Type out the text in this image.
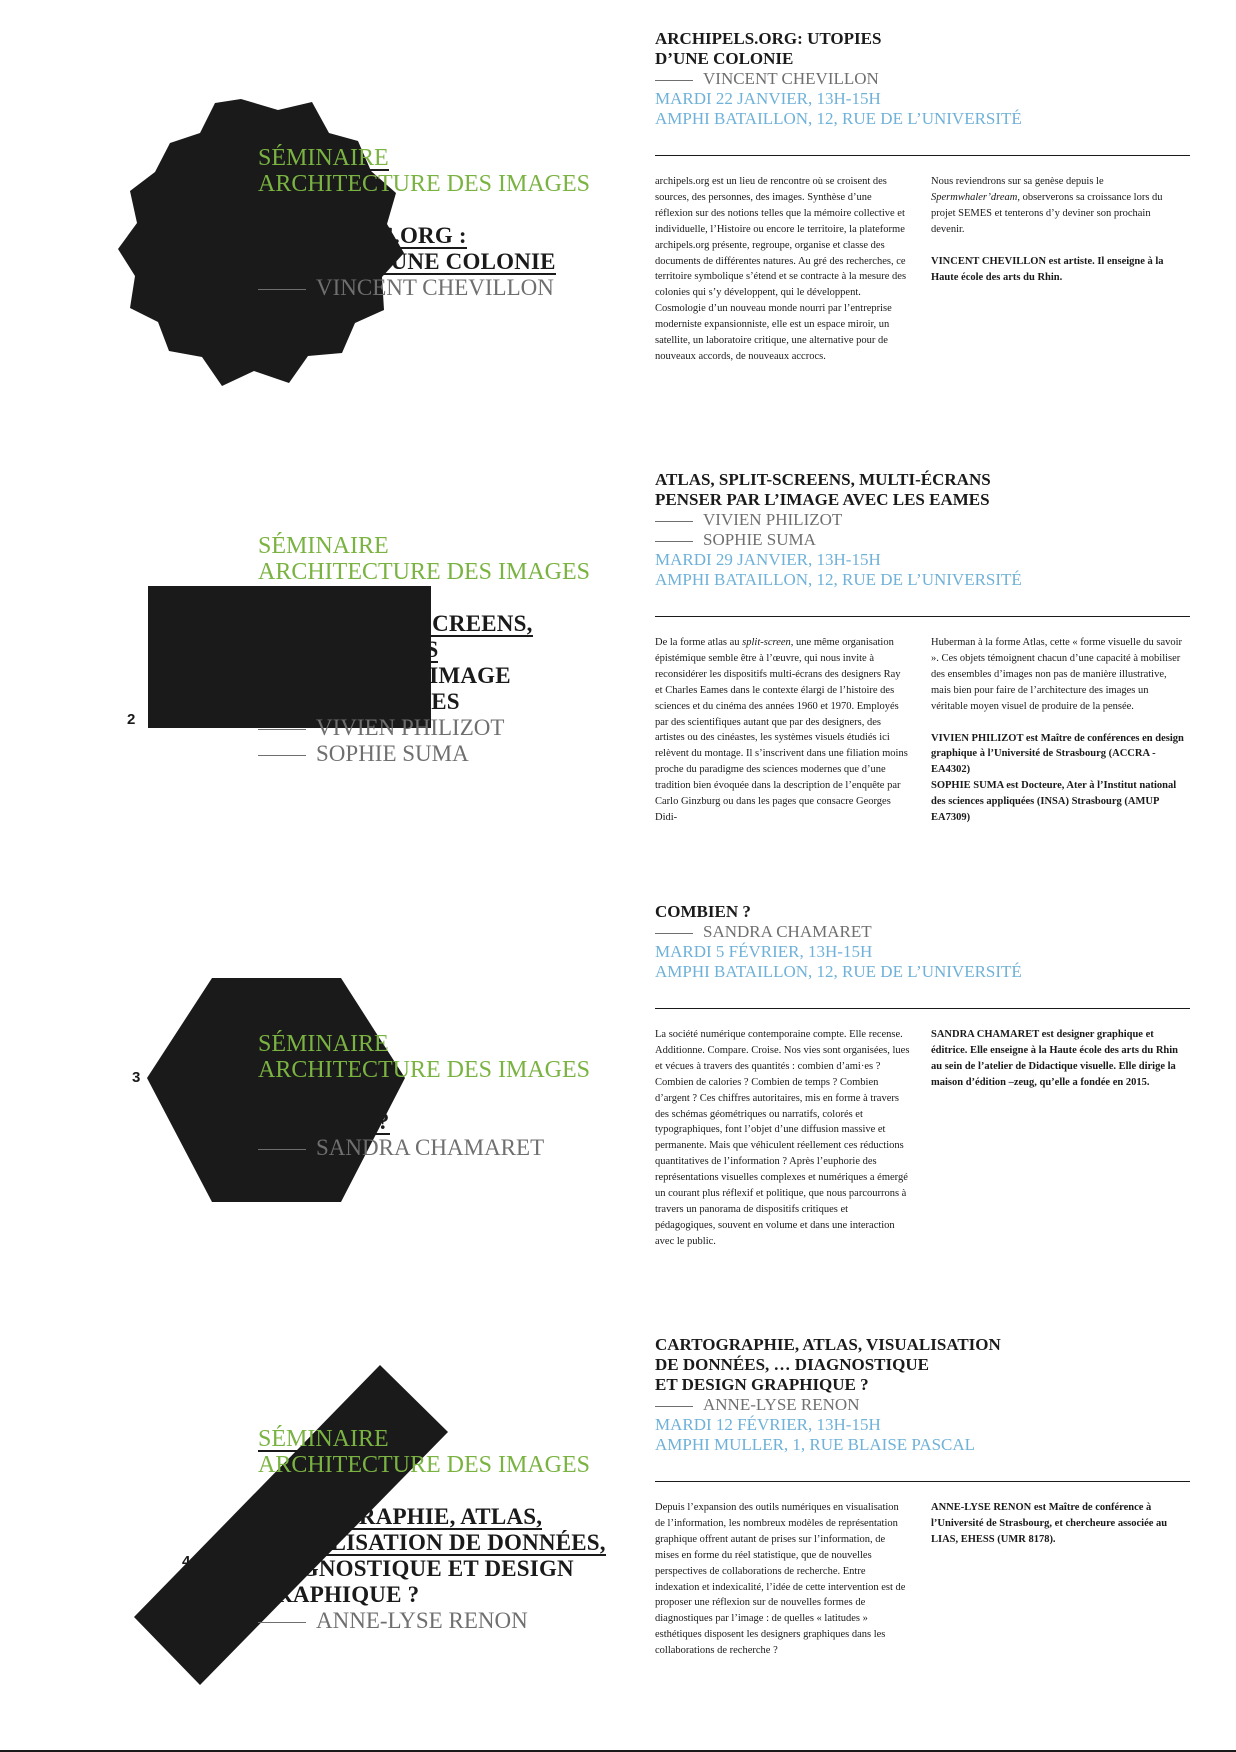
1
SÉMINAIRE
ARCHITECTURE DES IMAGES
ARCHIPELS.ORG :
UTOPIES D’UNE COLONIE
VINCENT CHEVILLON
ARCHIPELS.ORG: UTOPIES
D’UNE COLONIE
VINCENT CHEVILLON
MARDI 22 JANVIER, 13H-15H
AMPHI BATAILLON, 12, RUE DE L’UNIVERSITÉ

archipels.org est un lieu de rencontre où se croisent des sources, des personnes, des images. Synthèse d’une réflexion sur des notions telles que la mémoire collective et individuelle, l’Histoire ou encore le territoire, la plateforme archipels.org présente, regroupe, organise et classe des documents de différentes natures. Au gré des recherches, ce territoire symbolique s’étend et se contracte à la mesure des colonies qui s’y développent, qui le développent. Cosmologie d’un nouveau monde nourri par l’entreprise moderniste expansionniste, elle est un espace miroir, un satellite, un laboratoire critique, une alternative pour de nouveaux accords, de nouveaux accrocs.

Nous reviendrons sur sa genèse depuis le Spermwhaler’dream, observerons sa croissance lors du projet SEMES et tenterons d’y deviner son prochain devenir.

VINCENT CHEVILLON est artiste. Il enseigne à la Haute école des arts du Rhin.

2
SÉMINAIRE
ARCHITECTURE DES IMAGES
ATLAS, SPLIT-SCREENS,
MULTI-ÉCRANS
PENSER PAR L’IMAGE
AVEC LES EAMES
VIVIEN PHILIZOT
SOPHIE SUMA
ATLAS, SPLIT-SCREENS, MULTI-ÉCRANS
PENSER PAR L’IMAGE AVEC LES EAMES
VIVIEN PHILIZOT
SOPHIE SUMA
MARDI 29 JANVIER, 13H-15H
AMPHI BATAILLON, 12, RUE DE L’UNIVERSITÉ

De la forme atlas au split-screen, une même organisation épistémique semble être à l’œuvre, qui nous invite à reconsidérer les dispositifs multi-écrans des designers Ray et Charles Eames dans le contexte élargi de l’histoire des sciences et du cinéma des années 1960 et 1970. Employés par des scientifiques autant que par des designers, des artistes ou des cinéastes, les systèmes visuels étudiés ici relèvent du montage. Il s’inscrivent dans une filiation moins proche du paradigme des sciences modernes que d’une tradition bien évoquée dans la description de l’enquête par Carlo Ginzburg ou dans les pages que consacre Georges Didi-

Huberman à la forme Atlas, cette « forme visuelle du savoir ». Ces objets témoignent chacun d’une capacité à mobiliser des ensembles d’images non pas de manière illustrative, mais bien pour faire de l’architecture des images un véritable moyen visuel de produire de la pensée.

VIVIEN PHILIZOT est Maître de conférences en design graphique à l’Université de Strasbourg (ACCRA - EA4302)

SOPHIE SUMA est Docteure, Ater à l’Institut national des sciences appliquées (INSA) Strasbourg (AMUP EA7309)

3
SÉMINAIRE
ARCHITECTURE DES IMAGES
COMBIEN ?
SANDRA CHAMARET
COMBIEN ?
SANDRA CHAMARET
MARDI 5 FÉVRIER, 13H-15H
AMPHI BATAILLON, 12, RUE DE L’UNIVERSITÉ

La société numérique contemporaine compte. Elle recense. Additionne. Compare. Croise. Nos vies sont organisées, lues et vécues à travers des quantités : combien d’ami·es ? Combien de calories ? Combien de temps ? Combien d’argent ? Ces chiffres autoritaires, mis en forme à travers des schémas géométriques ou narratifs, colorés et typographiques, font l’objet d’une diffusion massive et permanente. Mais que véhiculent réellement ces réductions quantitatives de l’information ? Après l’euphorie des représentations visuelles complexes et numériques a émergé un courant plus réflexif et politique, que nous parcourrons à travers un panorama de dispositifs critiques et pédagogiques, souvent en volume et dans une interaction avec le public.

SANDRA CHAMARET est designer graphique et éditrice. Elle enseigne à la Haute école des arts du Rhin au sein de l’atelier de Didactique visuelle. Elle dirige la maison d’édition –zeug, qu’elle a fondée en 2015.

4
SÉMINAIRE
ARCHITECTURE DES IMAGES
CARTOGRAPHIE, ATLAS,
VISUALISATION DE DONNÉES,
DIAGNOSTIQUE ET DESIGN
GRAPHIQUE ?
ANNE-LYSE RENON
CARTOGRAPHIE, ATLAS, VISUALISATION
DE DONNÉES, … DIAGNOSTIQUE
ET DESIGN GRAPHIQUE ?
ANNE-LYSE RENON
MARDI 12 FÉVRIER, 13H-15H
AMPHI MULLER, 1, RUE BLAISE PASCAL

Depuis l’expansion des outils numériques en visualisation de l’information, les nombreux modèles de représentation graphique offrent autant de prises sur l’information, de mises en forme du réel statistique, que de nouvelles perspectives de collaborations de recherche. Entre indexation et indexicalité, l’idée de cette intervention est de proposer une réflexion sur de nouvelles formes de diagnostiques par l’image : de quelles « latitudes » esthétiques disposent les designers graphiques dans les collaborations de recherche ?

ANNE-LYSE RENON est Maître de conférence à l’Université de Strasbourg, et chercheure associée au LIAS, EHESS (UMR 8178).
